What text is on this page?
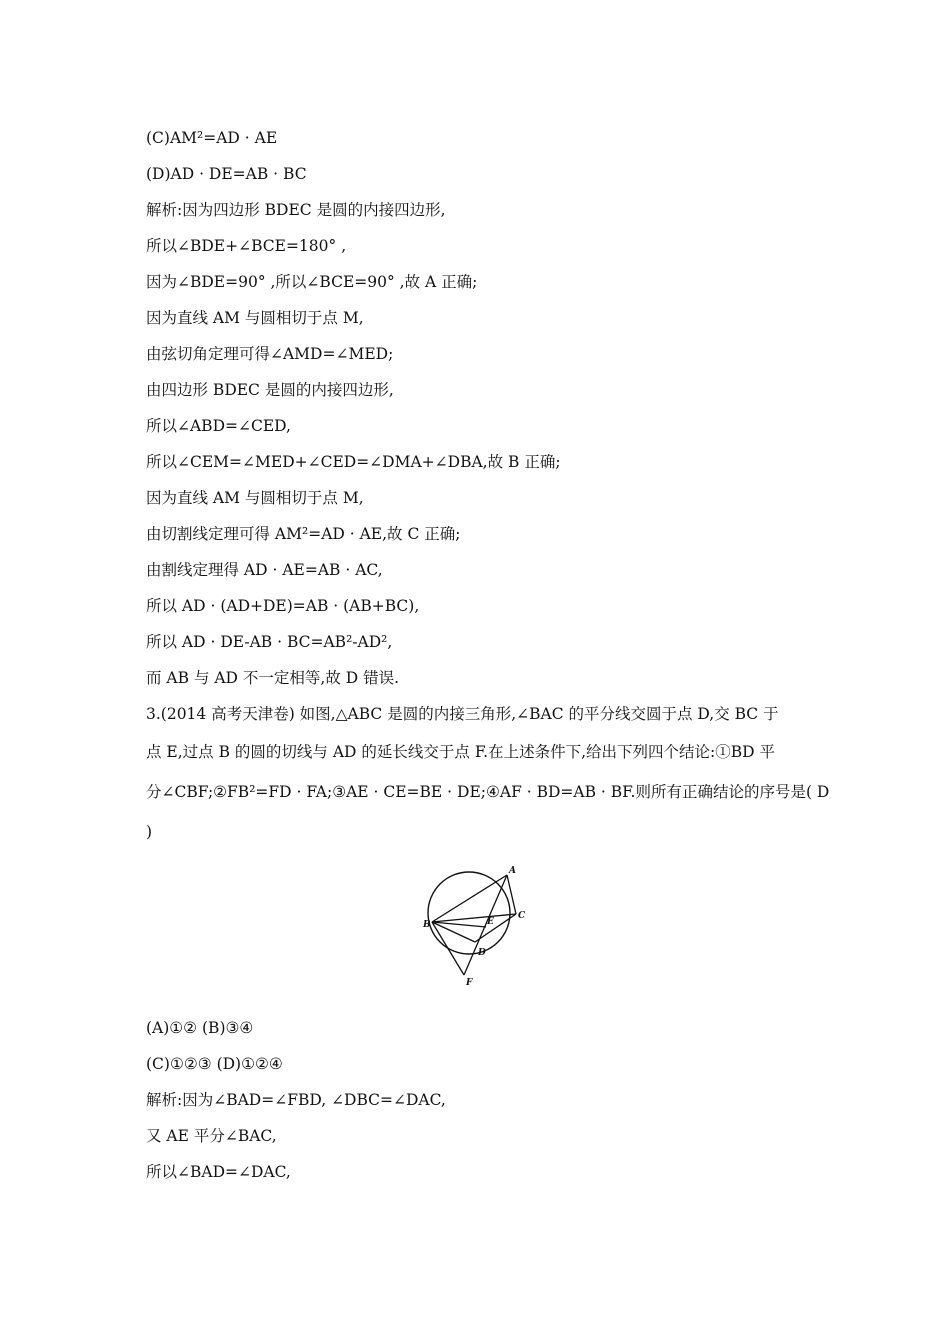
(C)AM²=AD · AE
(D)AD · DE=AB · BC
解析:因为四边形 BDEC 是圆的内接四边形,
所以∠BDE+∠BCE=180° ,
因为∠BDE=90° ,所以∠BCE=90° ,故 A 正确;
因为直线 AM 与圆相切于点 M,
由弦切角定理可得∠AMD=∠MED;
由四边形 BDEC 是圆的内接四边形,
所以∠ABD=∠CED,
所以∠CEM=∠MED+∠CED=∠DMA+∠DBA,故 B 正确;
因为直线 AM 与圆相切于点 M,
由切割线定理可得 AM²=AD · AE,故 C 正确;
由割线定理得 AD · AE=AB · AC,
所以 AD · (AD+DE)=AB · (AB+BC),
所以 AD · DE-AB · BC=AB²-AD²,
而 AB 与 AD 不一定相等,故 D 错误.
3.(2014 高考天津卷) 如图,△ABC 是圆的内接三角形,∠BAC 的平分线交圆于点 D,交 BC 于
点 E,过点 B 的圆的切线与 AD 的延长线交于点 F.在上述条件下,给出下列四个结论:①BD 平
分∠CBF;②FB²=FD · FA;③AE · CE=BE · DE;④AF · BD=AB · BF.则所有正确结论的序号是( D
)
A
B
C
D
E
F
(A)①② (B)③④
(C)①②③ (D)①②④
解析:因为∠BAD=∠FBD, ∠DBC=∠DAC,
又 AE 平分∠BAC,
所以∠BAD=∠DAC,
